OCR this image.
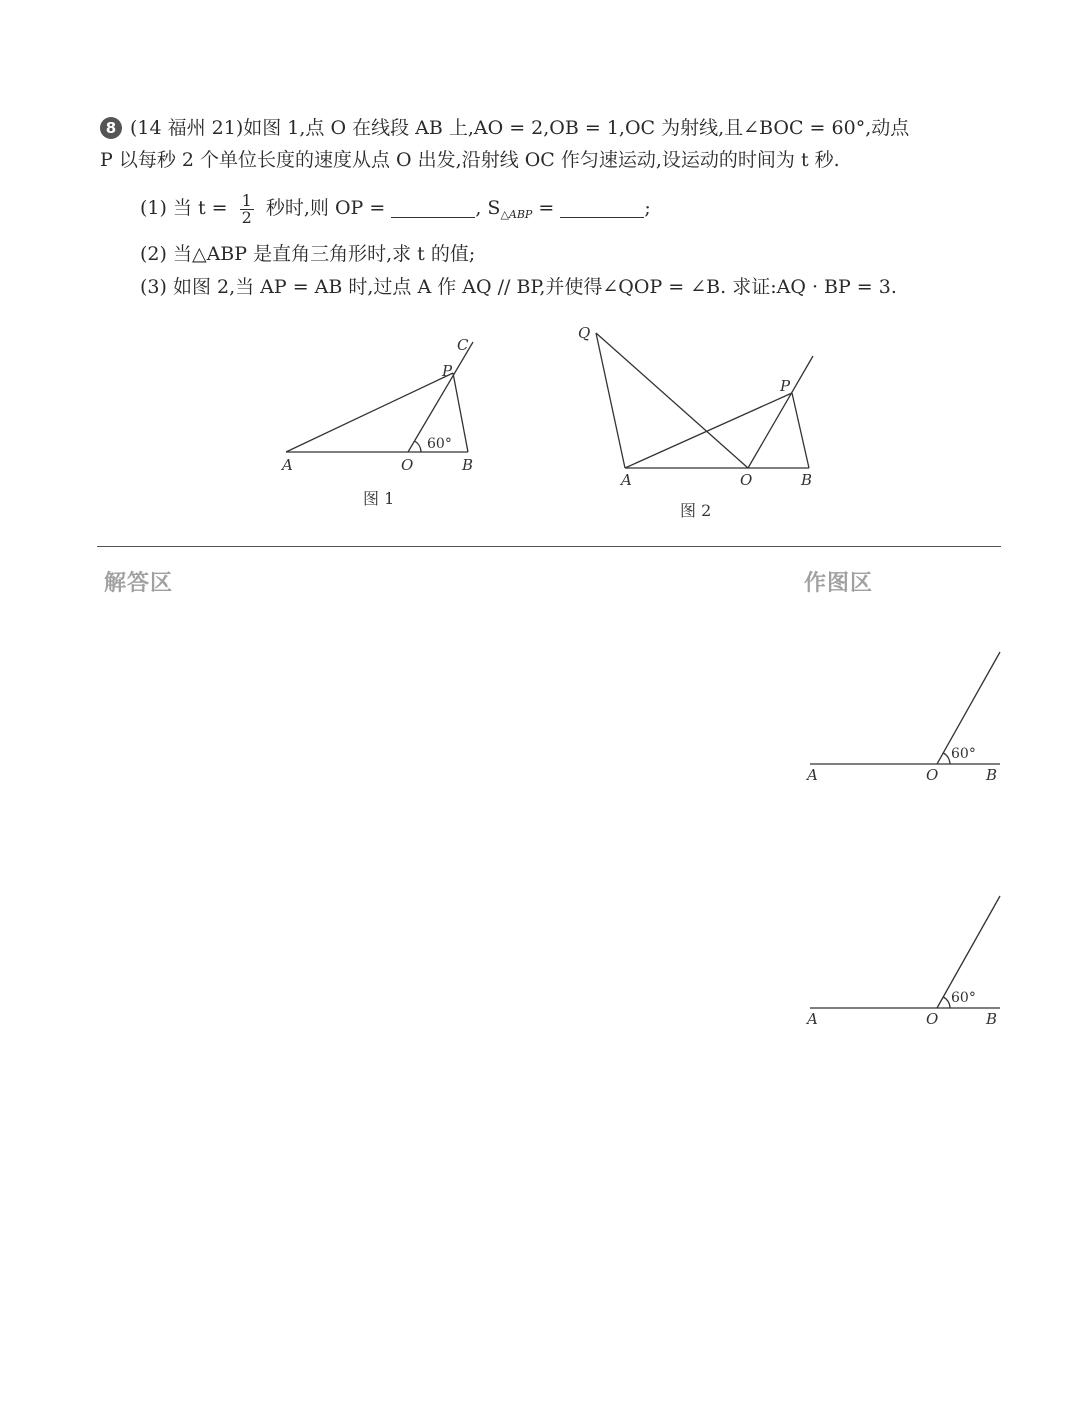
8 (14 福州 21)如图 1,点 O 在线段 AB 上,AO = 2,OB = 1,OC 为射线,且∠BOC = 60°,动点
P 以每秒 2 个单位长度的速度从点 O 出发,沿射线 OC 作匀速运动,设运动的时间为 t 秒.
(1) 当 $t = \frac{1}{2}$ 秒时,则 OP =	, $S_{\triangle ABP}$ =	;
(2) 当△ABP 是直角三角形时,求 t 的值;
(3) 如图 2,当 AP = AB 时,过点 A 作 AQ // BP,并使得∠QOP = ∠B. 求证:AQ · BP = 3.
A	O	B
P
C
60°
图 1
Q
A	O	B
P
图 2
解答区	作图区
A	O	B
60°
A	O	B
60°
